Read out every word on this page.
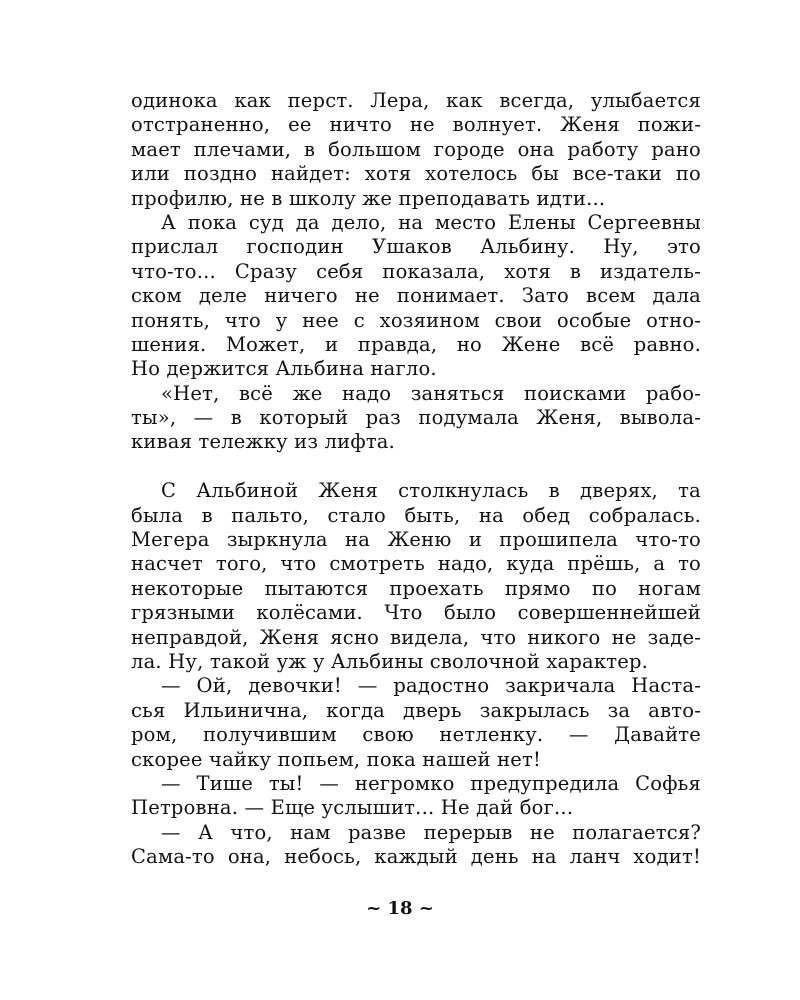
одинока как перст. Лера, как всегда, улыбается
отстраненно, ее ничто не волнует. Женя пожи-
мает плечами, в большом городе она работу рано
или поздно найдет: хотя хотелось бы все-таки по
профилю, не в школу же преподавать идти...
А пока суд да дело, на место Елены Сергеевны
прислал господин Ушаков Альбину. Ну, это
что-то... Сразу себя показала, хотя в издатель-
ском деле ничего не понимает. Зато всем дала
понять, что у нее с хозяином свои особые отно-
шения. Может, и правда, но Жене всё равно.
Но держится Альбина нагло.
«Нет, всё же надо заняться поисками рабо-
ты», — в который раз подумала Женя, вывола-
кивая тележку из лифта.
С Альбиной Женя столкнулась в дверях, та
была в пальто, стало быть, на обед собралась.
Мегера зыркнула на Женю и прошипела что-то
насчет того, что смотреть надо, куда прёшь, а то
некоторые пытаются проехать прямо по ногам
грязными колёсами. Что было совершеннейшей
неправдой, Женя ясно видела, что никого не заде-
ла. Ну, такой уж у Альбины сволочной характер.
— Ой, девочки! — радостно закричала Наста-
сья Ильинична, когда дверь закрылась за авто-
ром, получившим свою нетленку. — Давайте
скорее чайку попьем, пока нашей нет!
— Тише ты! — негромко предупредила Софья
Петровна. — Еще услышит... Не дай бог...
— А что, нам разве перерыв не полагается?
Сама-то она, небось, каждый день на ланч ходит!
~ 18 ~
